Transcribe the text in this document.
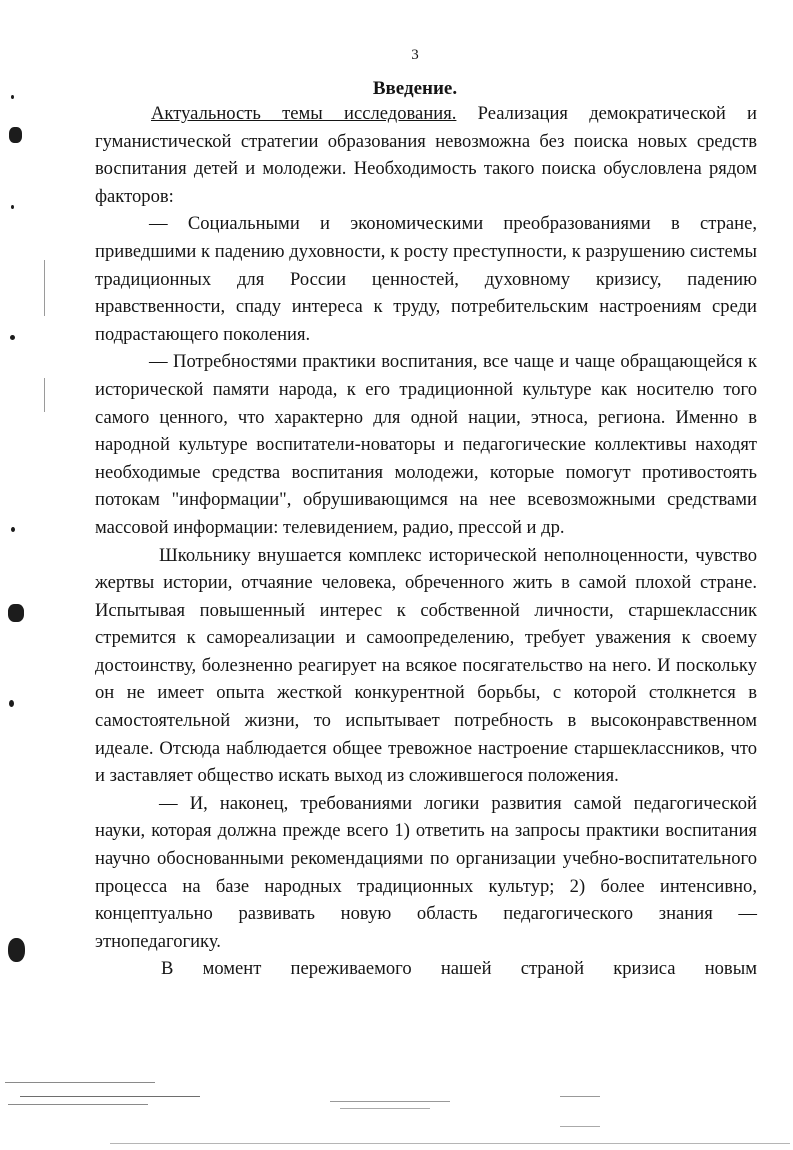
3
Введение.

Актуальность темы исследования. Реализация демократической и гуманистической стратегии образования невозможна без поиска новых средств воспитания детей и молодежи. Необходимость такого поиска обусловлена рядом факторов:

— Социальными и экономическими преобразованиями в стране, приведшими к падению духовности, к росту преступности, к разрушению системы традиционных для России ценностей, духовному кризису, падению нравственности, спаду интереса к труду, потребительским настроениям среди подрастающего поколения.

— Потребностями практики воспитания, все чаще и чаще обращающейся к исторической памяти народа, к его традиционной культуре как носителю того самого ценного, что характерно для одной нации, этноса, региона. Именно в народной культуре воспитатели-новаторы и педагогические коллективы находят необходимые средства воспитания молодежи, которые помогут противостоять потокам "информации", обрушивающимся на нее всевозможными средствами массовой информации: телевидением, радио, прессой и др.

Школьнику внушается комплекс исторической неполноценности, чувство жертвы истории, отчаяние человека, обреченного жить в самой плохой стране. Испытывая повышенный интерес к собственной личности, старшеклассник стремится к самореализации и самоопределению, требует уважения к своему достоинству, болезненно реагирует на всякое посягательство на него. И поскольку он не имеет опыта жесткой конкурентной борьбы, с которой столкнется в самостоятельной жизни, то испытывает потребность в высоконравственном идеале. Отсюда наблюдается общее тревожное настроение старшеклассников, что и заставляет общество искать выход из сложившегося положения.

— И, наконец, требованиями логики развития самой педагогической науки, которая должна прежде всего 1) ответить на запросы практики воспитания научно обоснованными рекомендациями по организации учебно-воспитательного процесса на базе народных традиционных культур; 2) более интенсивно, концептуально развивать новую область педагогического знания — этнопедагогику.

В момент переживаемого нашей страной кризиса новым
